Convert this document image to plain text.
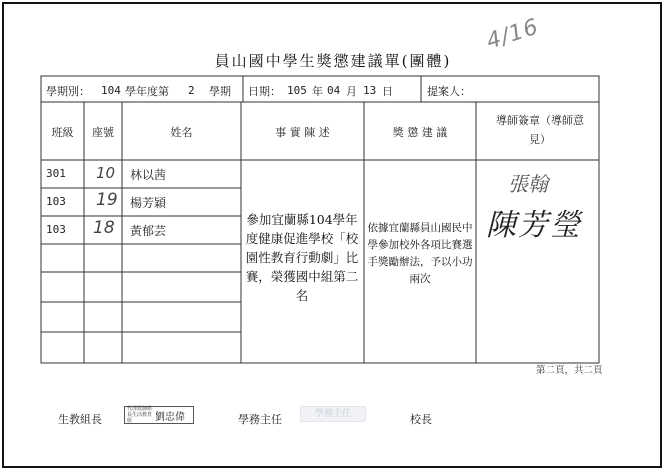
4/16
員山國中學生獎懲建議單(團體)
學期別： 104 學年度第 2 學期 日期： 105 年 04 月 13 日	提案人：
班級	座號	姓名	事 實 陳 述	獎 懲 建 議
導師簽章（導師意見）
301 10 林以茜
103 19 楊芳穎
103 18 黃郁芸
參加宜蘭縣104學年度健康促進學校「校園性教育行動劇」比賽，榮獲國中組第二名
依據宜蘭縣員山國民中學參加校外各項比賽選手獎勵辦法，予以小功兩次
張翰
陳芳瑩
第二頁，共二頁
生教組長
代理教師組長生活教育組	劉忠偉	學務主任	學務主任	校長
